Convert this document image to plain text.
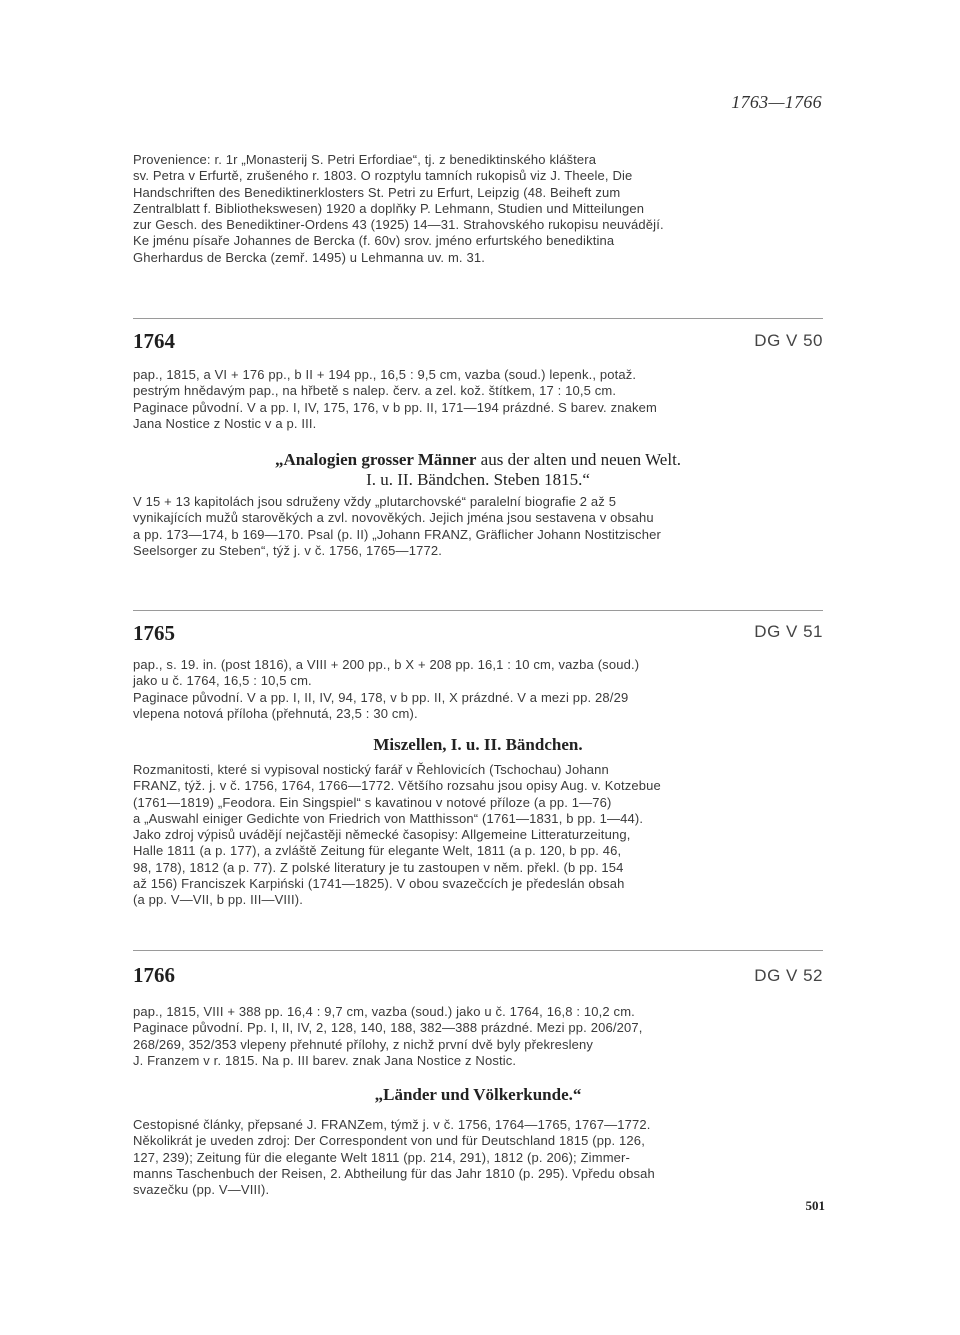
1763—1766

Provenience: r. 1r „Monasterij S. Petri Erfordiae“, tj. z benediktinského kláštera

sv. Petra v Erfurtě, zrušeného r. 1803. O rozptylu tamních rukopisů viz J. Theele, Die

Handschriften des Benediktinerklosters St. Petri zu Erfurt, Leipzig (48. Beiheft zum

Zentralblatt f. Bibliothekswesen) 1920 a doplňky P. Lehmann, Studien und Mitteilungen

zur Gesch. des Benediktiner-Ordens 43 (1925) 14—31. Strahovského rukopisu neuvádějí.

Ke jménu písaře Johannes de Bercka (f. 60v) srov. jméno erfurtského benediktina

Gherhardus de Bercka (zemř. 1495) u Lehmanna uv. m. 31.

1764	DG V 50

pap., 1815, a VI + 176 pp., b II + 194 pp., 16,5 : 9,5 cm, vazba (soud.) lepenk., potaž.

pestrým hnědavým pap., na hřbetě s nalep. červ. a zel. kož. štítkem, 17 : 10,5 cm.

Paginace původní. V a pp. I, IV, 175, 176, v b pp. II, 171—194 prázdné. S barev. znakem

Jana Nostice z Nostic v a p. III.

„Analogien grosser Männer aus der alten und neuen Welt.
I. u. II. Bändchen. Steben 1815.“

V 15 + 13 kapitolách jsou sdruženy vždy „plutarchovské“ paralelní biografie 2 až 5

vynikajících mužů starověkých a zvl. novověkých. Jejich jména jsou sestavena v obsahu

a pp. 173—174, b 169—170. Psal (p. II) „Johann FRANZ, Gräflicher Johann Nostitzischer

Seelsorger zu Steben“, týž j. v č. 1756, 1765—1772.

1765	DG V 51

pap., s. 19. in. (post 1816), a VIII + 200 pp., b X + 208 pp. 16,1 : 10 cm, vazba (soud.)

jako u č. 1764, 16,5 : 10,5 cm.

Paginace původní. V a pp. I, II, IV, 94, 178, v b pp. II, X prázdné. V a mezi pp. 28/29

vlepena notová příloha (přehnutá, 23,5 : 30 cm).

Miszellen, I. u. II. Bändchen.

Rozmanitosti, které si vypisoval nostický farář v Řehlovicích (Tschochau) Johann

FRANZ, týž. j. v č. 1756, 1764, 1766—1772. Většího rozsahu jsou opisy Aug. v. Kotzebue

(1761—1819) „Feodora. Ein Singspiel“ s kavatinou v notové příloze (a pp. 1—76)

a „Auswahl einiger Gedichte von Friedrich von Matthisson“ (1761—1831, b pp. 1—44).

Jako zdroj výpisů uvádějí nejčastěji německé časopisy: Allgemeine Litteraturzeitung,

Halle 1811 (a p. 177), a zvláště Zeitung für elegante Welt, 1811 (a p. 120, b pp. 46,

98, 178), 1812 (a p. 77). Z polské literatury je tu zastoupen v něm. překl. (b pp. 154

až 156) Franciszek Karpiński (1741—1825). V obou svazečcích je předeslán obsah

(a pp. V—VII, b pp. III—VIII).

1766	DG V 52

pap., 1815, VIII + 388 pp. 16,4 : 9,7 cm, vazba (soud.) jako u č. 1764, 16,8 : 10,2 cm.

Paginace původní. Pp. I, II, IV, 2, 128, 140, 188, 382—388 prázdné. Mezi pp. 206/207,

268/269, 352/353 vlepeny přehnuté přílohy, z nichž první dvě byly překresleny

J. Franzem v r. 1815. Na p. III barev. znak Jana Nostice z Nostic.

„Länder und Völkerkunde.“

Cestopisné články, přepsané J. FRANZem, týmž j. v č. 1756, 1764—1765, 1767—1772.

Několikrát je uveden zdroj: Der Correspondent von und für Deutschland 1815 (pp. 126,

127, 239); Zeitung für die elegante Welt 1811 (pp. 214, 291), 1812 (p. 206); Zimmer-

manns Taschenbuch der Reisen, 2. Abtheilung für das Jahr 1810 (p. 295). Vpředu obsah

svazečku (pp. V—VIII).

501
